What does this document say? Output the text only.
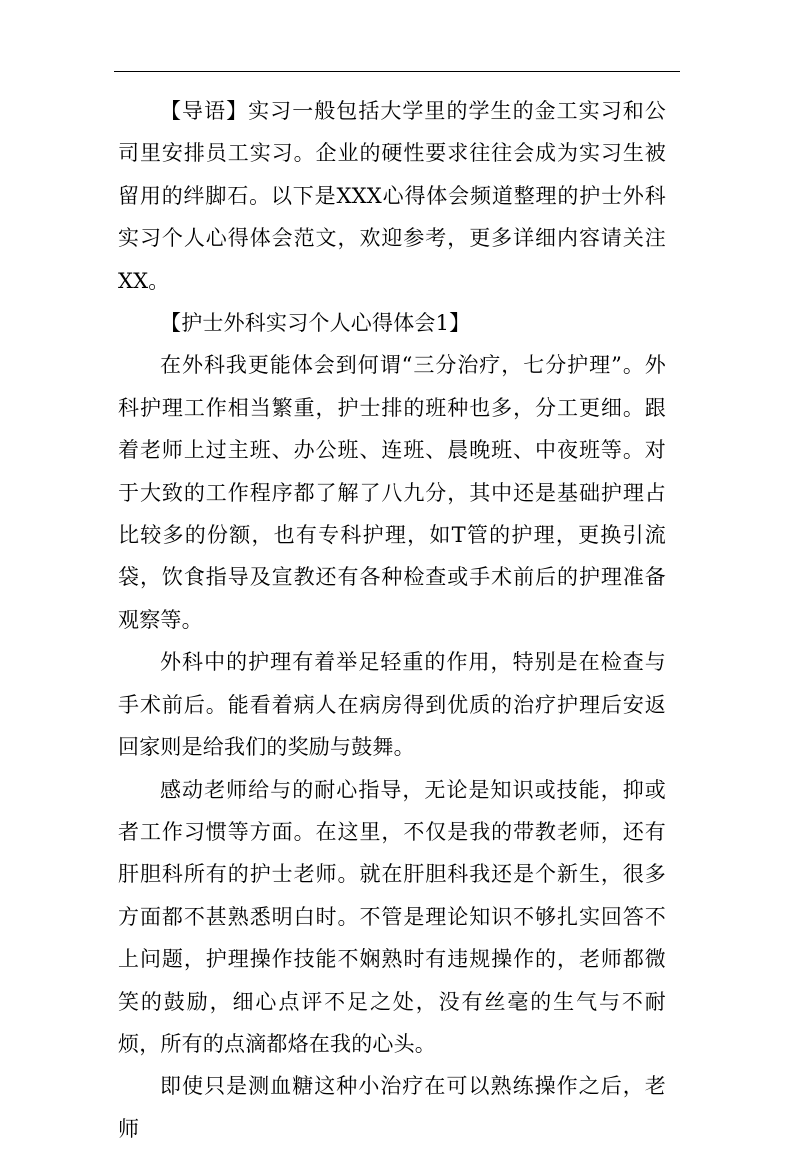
【导语】实习一般包括大学里的学生的金工实习和公司里安排员工实习。企业的硬性要求往往会成为实习生被留用的绊脚石。以下是XXX心得体会频道整理的护士外科实习个人心得体会范文，欢迎参考，更多详细内容请关注XX。

【护士外科实习个人心得体会1】

在外科我更能体会到何谓“三分治疗，七分护理”。外科护理工作相当繁重，护士排的班种也多，分工更细。跟着老师上过主班、办公班、连班、晨晚班、中夜班等。对于大致的工作程序都了解了八九分，其中还是基础护理占比较多的份额，也有专科护理，如T管的护理，更换引流袋，饮食指导及宣教还有各种检查或手术前后的护理准备观察等。

外科中的护理有着举足轻重的作用，特别是在检查与手术前后。能看着病人在病房得到优质的治疗护理后安返回家则是给我们的奖励与鼓舞。

感动老师给与的耐心指导，无论是知识或技能，抑或者工作习惯等方面。在这里，不仅是我的带教老师，还有肝胆科所有的护士老师。就在肝胆科我还是个新生，很多方面都不甚熟悉明白时。不管是理论知识不够扎实回答不上问题，护理操作技能不娴熟时有违规操作的，老师都微笑的鼓励，细心点评不足之处，没有丝毫的生气与不耐烦，所有的点滴都烙在我的心头。

即使只是测血糖这种小治疗在可以熟练操作之后，老师
